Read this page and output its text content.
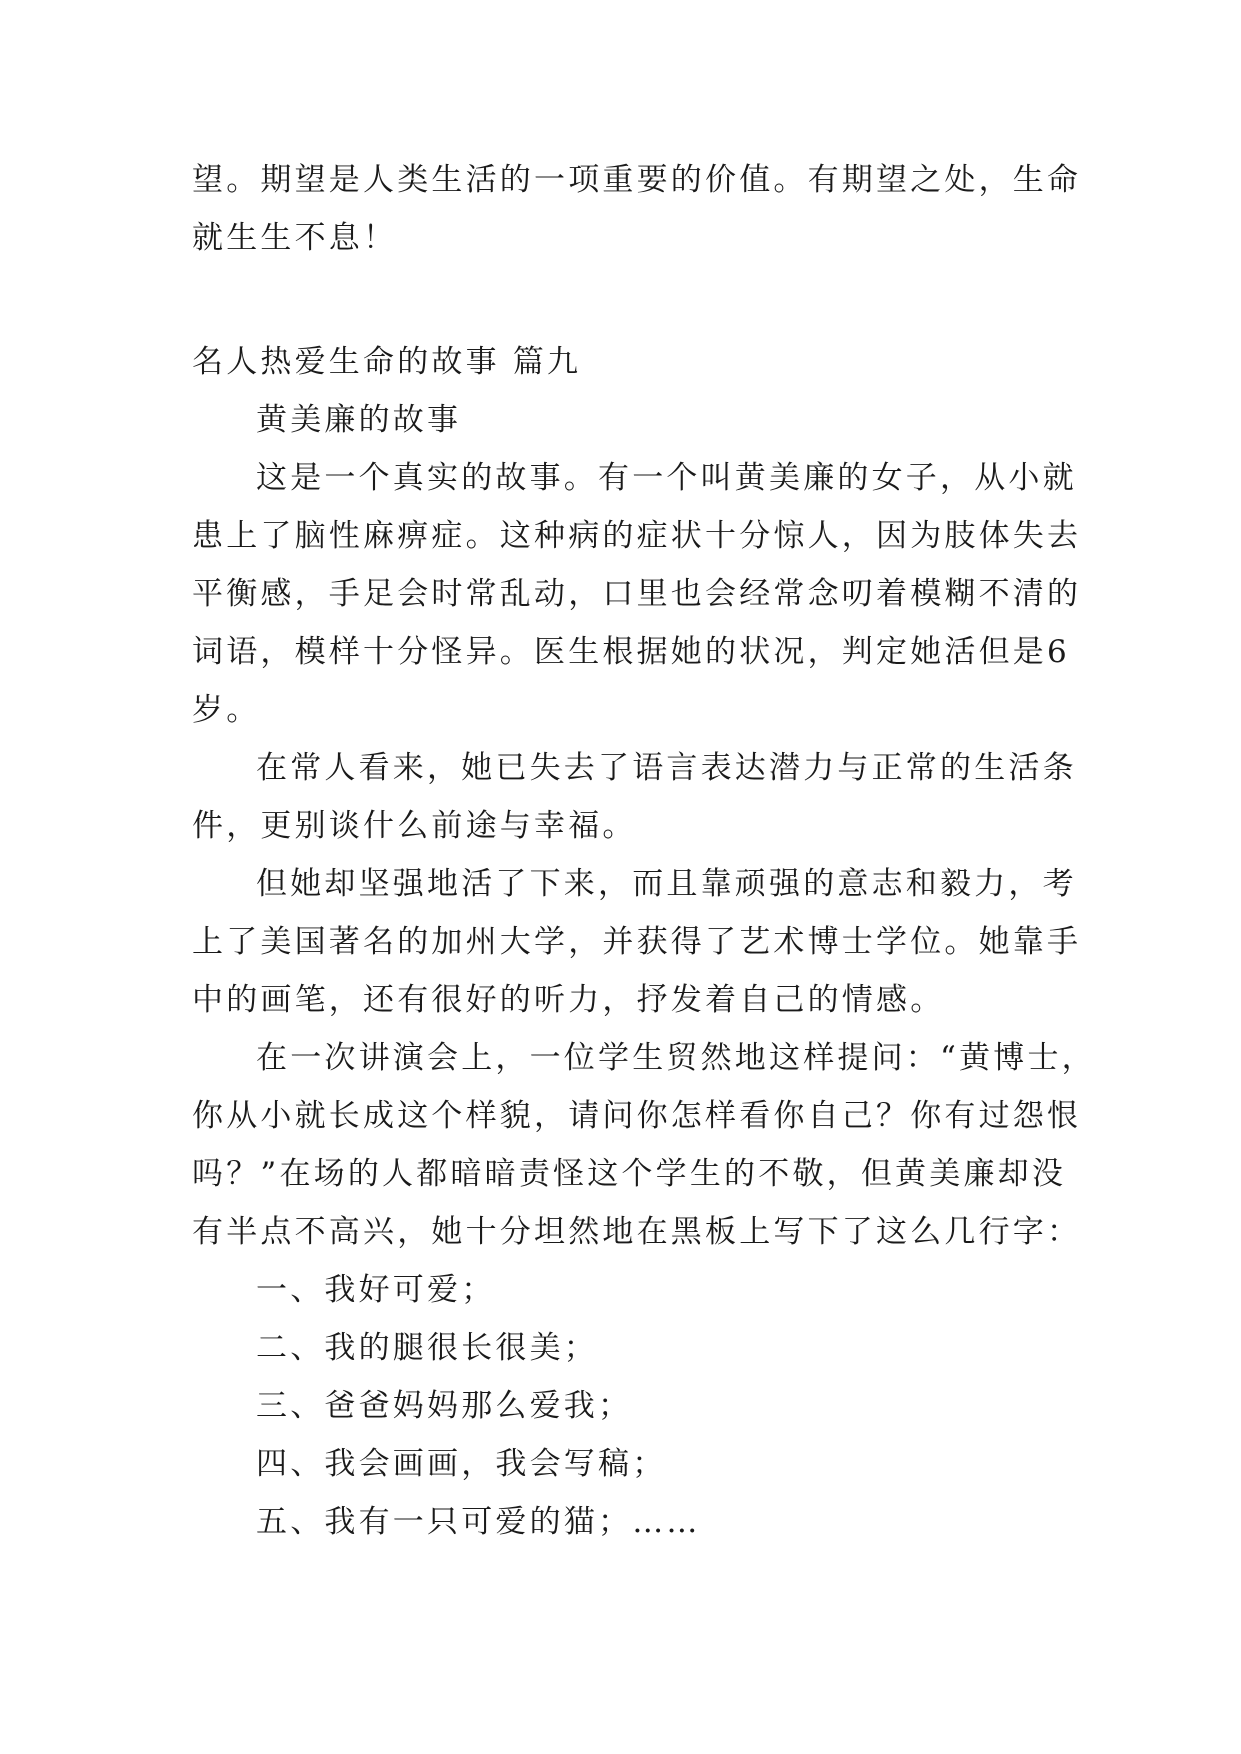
望。期望是人类生活的一项重要的价值。有期望之处，生命
就生生不息！
名人热爱生命的故事 篇九
黄美廉的故事
这是一个真实的故事。有一个叫黄美廉的女子，从小就
患上了脑性麻痹症。这种病的症状十分惊人，因为肢体失去
平衡感，手足会时常乱动，口里也会经常念叨着模糊不清的
词语，模样十分怪异。医生根据她的状况，判定她活但是6
岁。
在常人看来，她已失去了语言表达潜力与正常的生活条
件，更别谈什么前途与幸福。
但她却坚强地活了下来，而且靠顽强的意志和毅力，考
上了美国著名的加州大学，并获得了艺术博士学位。她靠手
中的画笔，还有很好的听力，抒发着自己的情感。
在一次讲演会上，一位学生贸然地这样提问：“黄博士，
你从小就长成这个样貌，请问你怎样看你自己？你有过怨恨
吗？”在场的人都暗暗责怪这个学生的不敬，但黄美廉却没
有半点不高兴，她十分坦然地在黑板上写下了这么几行字：
一、我好可爱；
二、我的腿很长很美；
三、爸爸妈妈那么爱我；
四、我会画画，我会写稿；
五、我有一只可爱的猫；……
